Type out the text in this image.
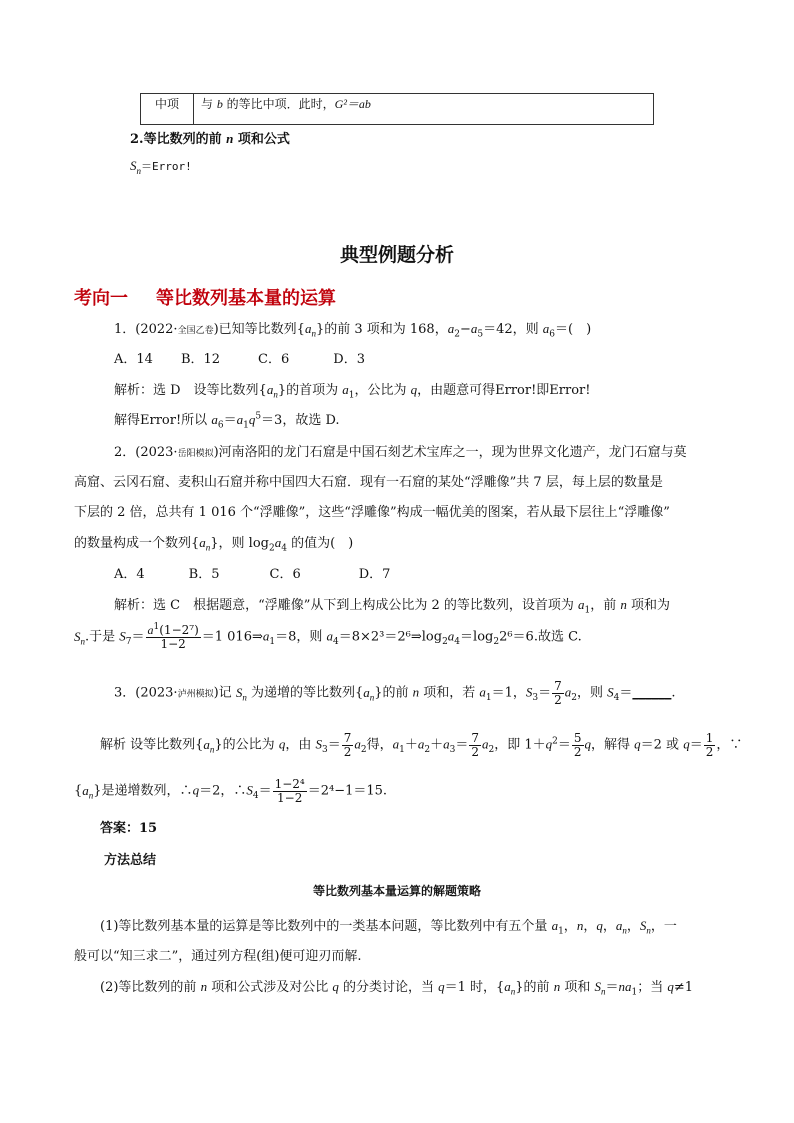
中项	与 b 的等比中项．此时，G²＝ab
2.等比数列的前 n 项和公式
$S_n=Error$!
典型例题分析
考向一 等比数列基本量的运算
1．(2022·全国乙卷)已知等比数列$\{a_n\}$的前 3 项和为 168，$a_2-a_5=42$，则 $a_6=$(　)
A．14 B．12	C．6	D．3
解析：选 D　设等比数列$\{a_n\}$的首项为 $a_1$，公比为 q，由题意可得Error!即Error!
解得Error!所以 $a_6=a_1q^5=3$，故选 D.
2．(2023·岳阳模拟)河南洛阳的龙门石窟是中国石刻艺术宝库之一，现为世界文化遗产，龙门石窟与莫
高窟、云冈石窟、麦积山石窟并称中国四大石窟．现有一石窟的某处“浮雕像”共 7 层，每上层的数量是
下层的 2 倍，总共有 1 016 个“浮雕像”，这些“浮雕像”构成一幅优美的图案，若从最下层往上“浮雕像”
的数量构成一个数列$\{a_n\}$，则 $\log_2a_4$ 的值为(　)
A．4	B．5	C．6	D．7
解析：选 C　根据题意，“浮雕像”从下到上构成公比为 2 的等比数列，设首项为 $a_1$，前 n 项和为
$S_n$.于是 $S_7= \frac{a^1(1-2^7)}{1-2} =1$ $016\Rightarrow a_1=8$，则 $a_4=8\times 2^3=2^6\Rightarrow\log_2a_4=\log_22^6=6$.故选 C.
3．(2023·泸州模拟)记 $S_n$ 为递增的等比数列$\{a_n\}$的前 n 项和，若 $a_1=1$，$S_3= \frac{7}{2} a_2$，则 $S_4=\_\_\_\_\_\_$.
解析 设等比数列$\{a_n\}$的公比为 q，由 $S_3= \frac{7}{2} a_2$得，$a_1+a_2+a_3= \frac{7}{2} a_2$，即 $1+q^2= \frac{5}{2}$ q，解得 q＝2 或 $q= \frac{1}{2}$ ，∵
$\{a_n\}$是递增数列，∴q＝2，$\therefore S_4= \frac{\text{1−2⁴}}{1-2} =2^4-1=15$.
答案：15
方法总结
等比数列基本量运算的解题策略
(1)等比数列基本量的运算是等比数列中的一类基本问题，等比数列中有五个量 $a_1$，n，q，$a_n$，$S_n$，一
般可以“知三求二”，通过列方程(组)便可迎刃而解.
(2)等比数列的前 n 项和公式涉及对公比 q 的分类讨论，当 q＝1 时，$\{a_n\}$的前 n 项和 $S_n=na_1$；当 q≠1
